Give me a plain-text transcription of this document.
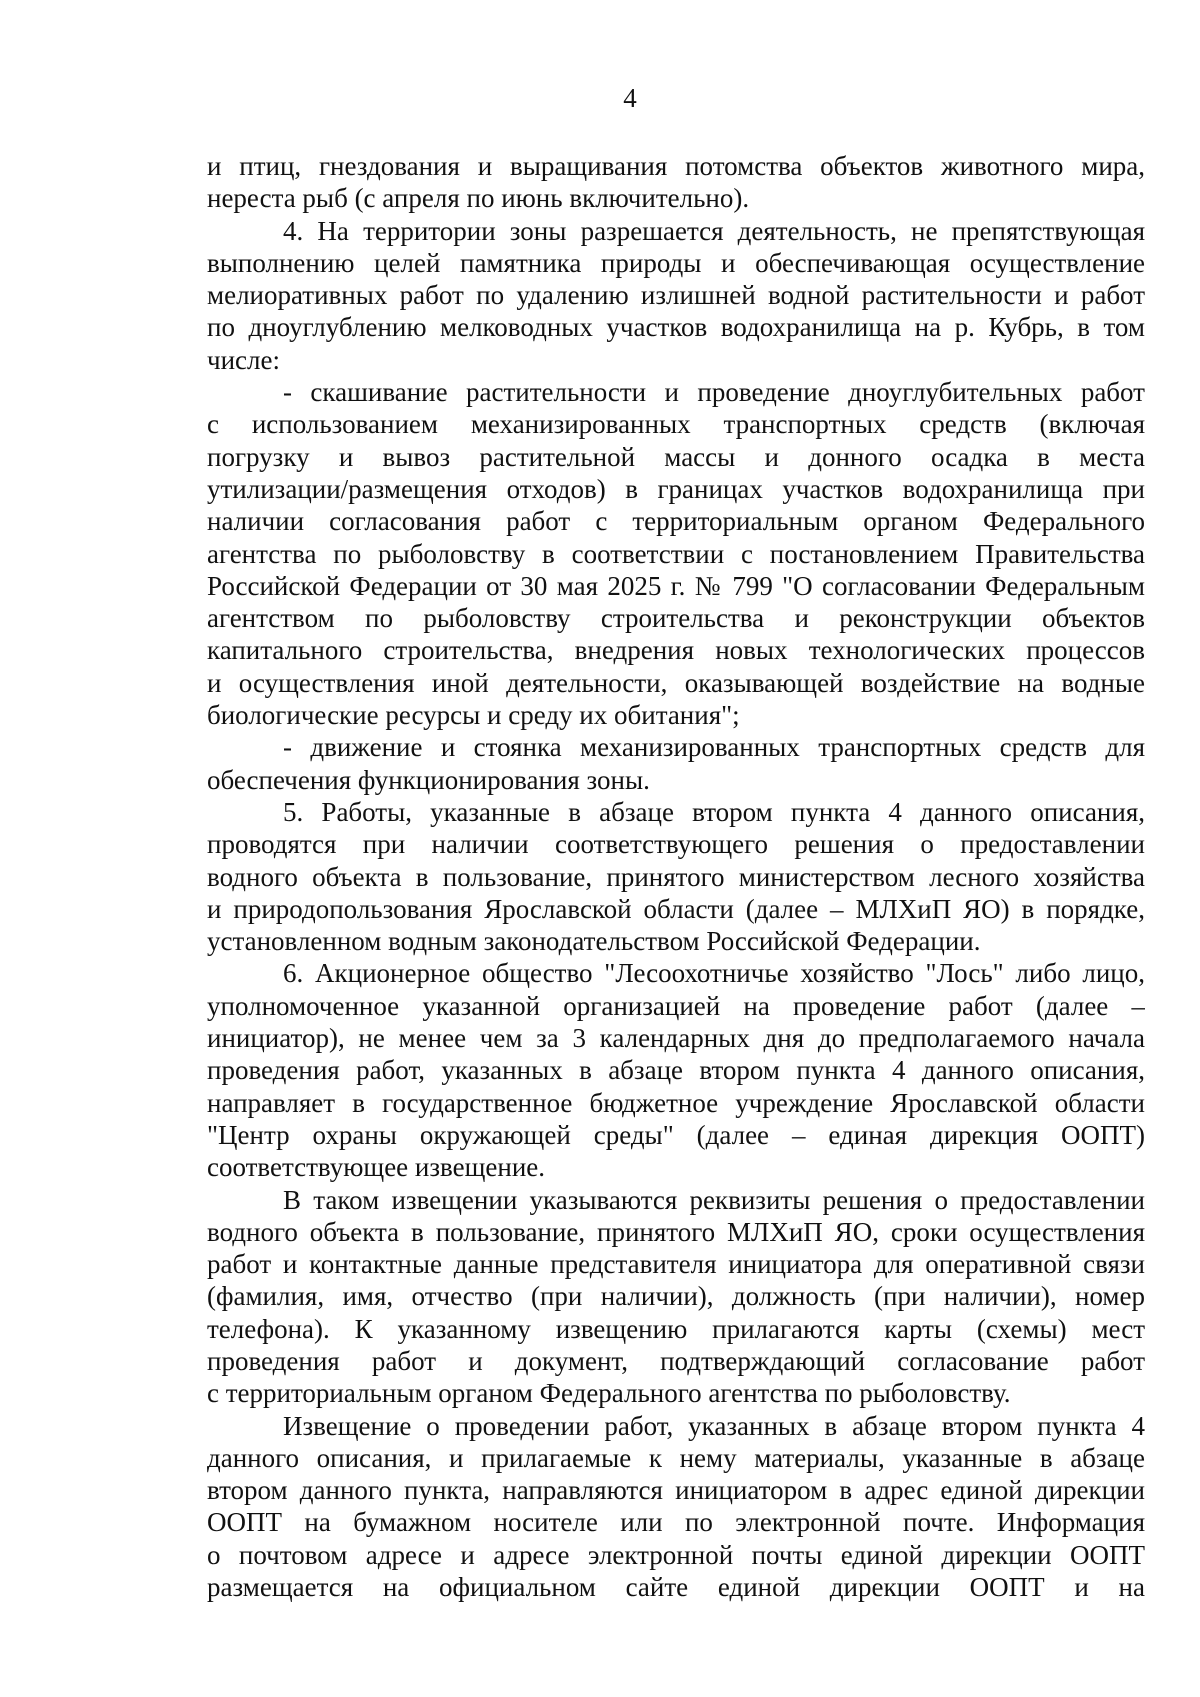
4
и птиц, гнездования и выращивания потомства объектов животного мира,
нереста рыб (с апреля по июнь включительно).
4. На территории зоны разрешается деятельность, не препятствующая
выполнению целей памятника природы и обеспечивающая осуществление
мелиоративных работ по удалению излишней водной растительности и работ
по дноуглублению мелководных участков водохранилища на р. Кубрь, в том
числе:
- скашивание растительности и проведение дноуглубительных работ
с использованием механизированных транспортных средств (включая
погрузку и вывоз растительной массы и донного осадка в места
утилизации/размещения отходов) в границах участков водохранилища при
наличии согласования работ с территориальным органом Федерального
агентства по рыболовству в соответствии с постановлением Правительства
Российской Федерации от 30 мая 2025 г. № 799 "О согласовании Федеральным
агентством по рыболовству строительства и реконструкции объектов
капитального строительства, внедрения новых технологических процессов
и осуществления иной деятельности, оказывающей воздействие на водные
биологические ресурсы и среду их обитания";
- движение и стоянка механизированных транспортных средств для
обеспечения функционирования зоны.
5. Работы, указанные в абзаце втором пункта 4 данного описания,
проводятся при наличии соответствующего решения о предоставлении
водного объекта в пользование, принятого министерством лесного хозяйства
и природопользования Ярославской области (далее – МЛХиП ЯО) в порядке,
установленном водным законодательством Российской Федерации.
6. Акционерное общество "Лесоохотничье хозяйство "Лось" либо лицо,
уполномоченное указанной организацией на проведение работ (далее –
инициатор), не менее чем за 3 календарных дня до предполагаемого начала
проведения работ, указанных в абзаце втором пункта 4 данного описания,
направляет в государственное бюджетное учреждение Ярославской области
"Центр охраны окружающей среды" (далее – единая дирекция ООПТ)
соответствующее извещение.
В таком извещении указываются реквизиты решения о предоставлении
водного объекта в пользование, принятого МЛХиП ЯО, сроки осуществления
работ и контактные данные представителя инициатора для оперативной связи
(фамилия, имя, отчество (при наличии), должность (при наличии), номер
телефона). К указанному извещению прилагаются карты (схемы) мест
проведения работ и документ, подтверждающий согласование работ
с территориальным органом Федерального агентства по рыболовству.
Извещение о проведении работ, указанных в абзаце втором пункта 4
данного описания, и прилагаемые к нему материалы, указанные в абзаце
втором данного пункта, направляются инициатором в адрес единой дирекции
ООПТ на бумажном носителе или по электронной почте. Информация
о почтовом адресе и адресе электронной почты единой дирекции ООПТ
размещается на официальном сайте единой дирекции ООПТ и на
